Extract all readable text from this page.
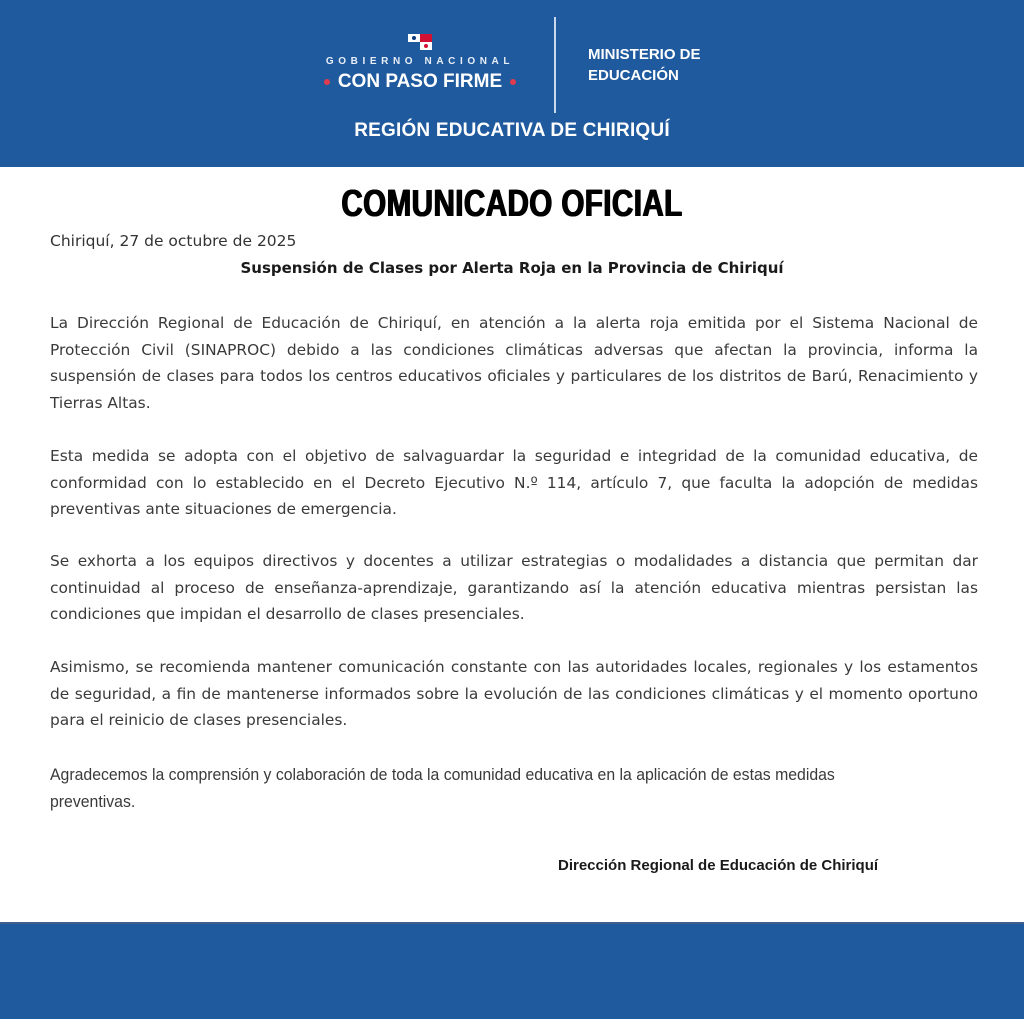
GOBIERNO NACIONAL
CON PASO FIRME
MINISTERIO DE
EDUCACIÓN
REGIÓN EDUCATIVA DE CHIRIQUÍ
COMUNICADO OFICIAL
Chiriquí, 27 de octubre de 2025
Suspensión de Clases por Alerta Roja en la Provincia de Chiriquí

La Dirección Regional de Educación de Chiriquí, en atención a la alerta roja emitida por el Sistema Nacional de Protección Civil (SINAPROC) debido a las condiciones climáticas adversas que afectan la provincia, informa la suspensión de clases para todos los centros educativos oficiales y particulares de los distritos de Barú, Renacimiento y Tierras Altas.

Esta medida se adopta con el objetivo de salvaguardar la seguridad e integridad de la comunidad educativa, de conformidad con lo establecido en el Decreto Ejecutivo N.º 114, artículo 7, que faculta la adopción de medidas preventivas ante situaciones de emergencia.

Se exhorta a los equipos directivos y docentes a utilizar estrategias o modalidades a distancia que permitan dar continuidad al proceso de enseñanza-aprendizaje, garantizando así la atención educativa mientras persistan las condiciones que impidan el desarrollo de clases presenciales.

Asimismo, se recomienda mantener comunicación constante con las autoridades locales, regionales y los estamentos de seguridad, a fin de mantenerse informados sobre la evolución de las condiciones climáticas y el momento oportuno para el reinicio de clases presenciales.

Agradecemos la comprensión y colaboración de toda la comunidad educativa en la aplicación de estas medidas preventivas.

Dirección Regional de Educación de Chiriquí
